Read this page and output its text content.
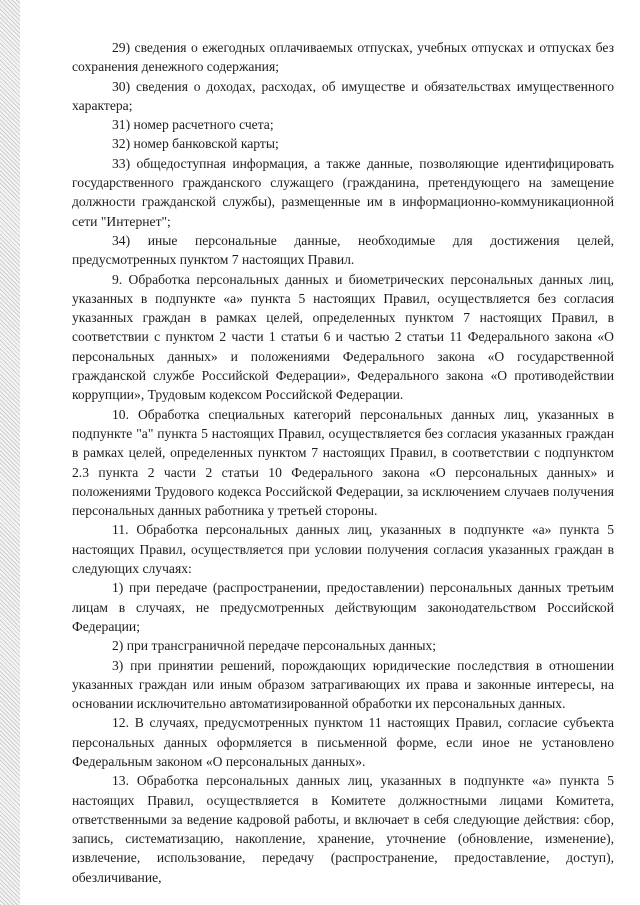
29) сведения о ежегодных оплачиваемых отпусках, учебных отпусках и отпусках без сохранения денежного содержания;

30) сведения о доходах, расходах, об имуществе и обязательствах имущественного характера;

31) номер расчетного счета;

32) номер банковской карты;

33) общедоступная информация, а также данные, позволяющие идентифицировать государственного гражданского служащего (гражданина, претендующего на замещение должности гражданской службы), размещенные им в информационно-коммуникационной сети "Интернет";

34) иные персональные данные, необходимые для достижения целей, предусмотренных пунктом 7 настоящих Правил.

9. Обработка персональных данных и биометрических персональных данных лиц, указанных в подпункте «а» пункта 5 настоящих Правил, осуществляется без согласия указанных граждан в рамках целей, определенных пунктом 7 настоящих Правил, в соответствии с пунктом 2 части 1 статьи 6 и частью 2 статьи 11 Федерального закона «О персональных данных» и положениями Федерального закона «О государственной гражданской службе Российской Федерации», Федерального закона «О противодействии коррупции», Трудовым кодексом Российской Федерации.

10. Обработка специальных категорий персональных данных лиц, указанных в подпункте "а" пункта 5 настоящих Правил, осуществляется без согласия указанных граждан в рамках целей, определенных пунктом 7 настоящих Правил, в соответствии с подпунктом 2.3 пункта 2 части 2 статьи 10 Федерального закона «О персональных данных» и положениями Трудового кодекса Российской Федерации, за исключением случаев получения персональных данных работника у третьей стороны.

11. Обработка персональных данных лиц, указанных в подпункте «а» пункта 5 настоящих Правил, осуществляется при условии получения согласия указанных граждан в следующих случаях:

1) при передаче (распространении, предоставлении) персональных данных третьим лицам в случаях, не предусмотренных действующим законодательством Российской Федерации;

2) при трансграничной передаче персональных данных;

3) при принятии решений, порождающих юридические последствия в отношении указанных граждан или иным образом затрагивающих их права и законные интересы, на основании исключительно автоматизированной обработки их персональных данных.

12. В случаях, предусмотренных пунктом 11 настоящих Правил, согласие субъекта персональных данных оформляется в письменной форме, если иное не установлено Федеральным законом «О персональных данных».

13. Обработка персональных данных лиц, указанных в подпункте «а» пункта 5 настоящих Правил, осуществляется в Комитете должностными лицами Комитета, ответственными за ведение кадровой работы, и включает в себя следующие действия: сбор, запись, систематизацию, накопление, хранение, уточнение (обновление, изменение), извлечение, использование, передачу (распространение, предоставление, доступ), обезличивание,
